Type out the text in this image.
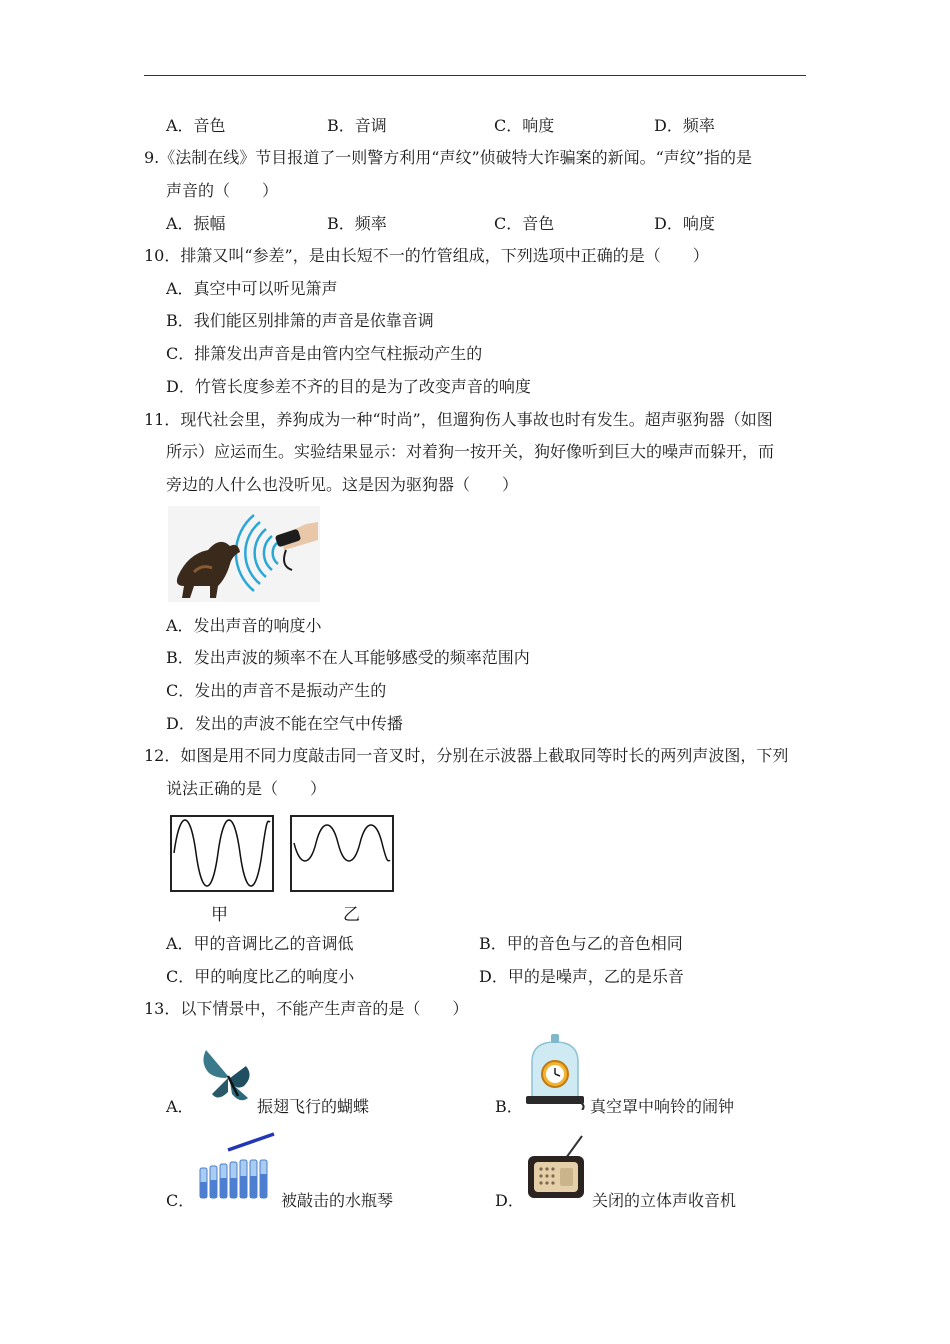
A．音色	B．音调	C．响度	D．频率
9.《法制在线》节目报道了一则警方利用“声纹”侦破特大诈骗案的新闻。“声纹”指的是
声音的（　　）
A．振幅	B．频率	C．音色	D．响度
10．排箫又叫“参差”，是由长短不一的竹管组成，下列选项中正确的是（　　）
A．真空中可以听见箫声
B．我们能区别排箫的声音是依靠音调
C．排箫发出声音是由管内空气柱振动产生的
D．竹管长度参差不齐的目的是为了改变声音的响度
11．现代社会里，养狗成为一种“时尚”，但遛狗伤人事故也时有发生。超声驱狗器（如图
所示）应运而生。实验结果显示：对着狗一按开关，狗好像听到巨大的噪声而躲开，而
旁边的人什么也没听见。这是因为驱狗器（　　）
A．发出声音的响度小
B．发出声波的频率不在人耳能够感受的频率范围内
C．发出的声音不是振动产生的
D．发出的声波不能在空气中传播
12．如图是用不同力度敲击同一音叉时，分别在示波器上截取同等时长的两列声波图，下列
说法正确的是（　　）
甲	乙
A．甲的音调比乙的音调低	B．甲的音色与乙的音色相同
C．甲的响度比乙的响度小	D．甲的是噪声，乙的是乐音
13．以下情景中，不能产生声音的是（　　）
A．	振翅飞行的蝴蝶	B．	真空罩中响铃的闹钟
C．	被敲击的水瓶琴	D．	关闭的立体声收音机
